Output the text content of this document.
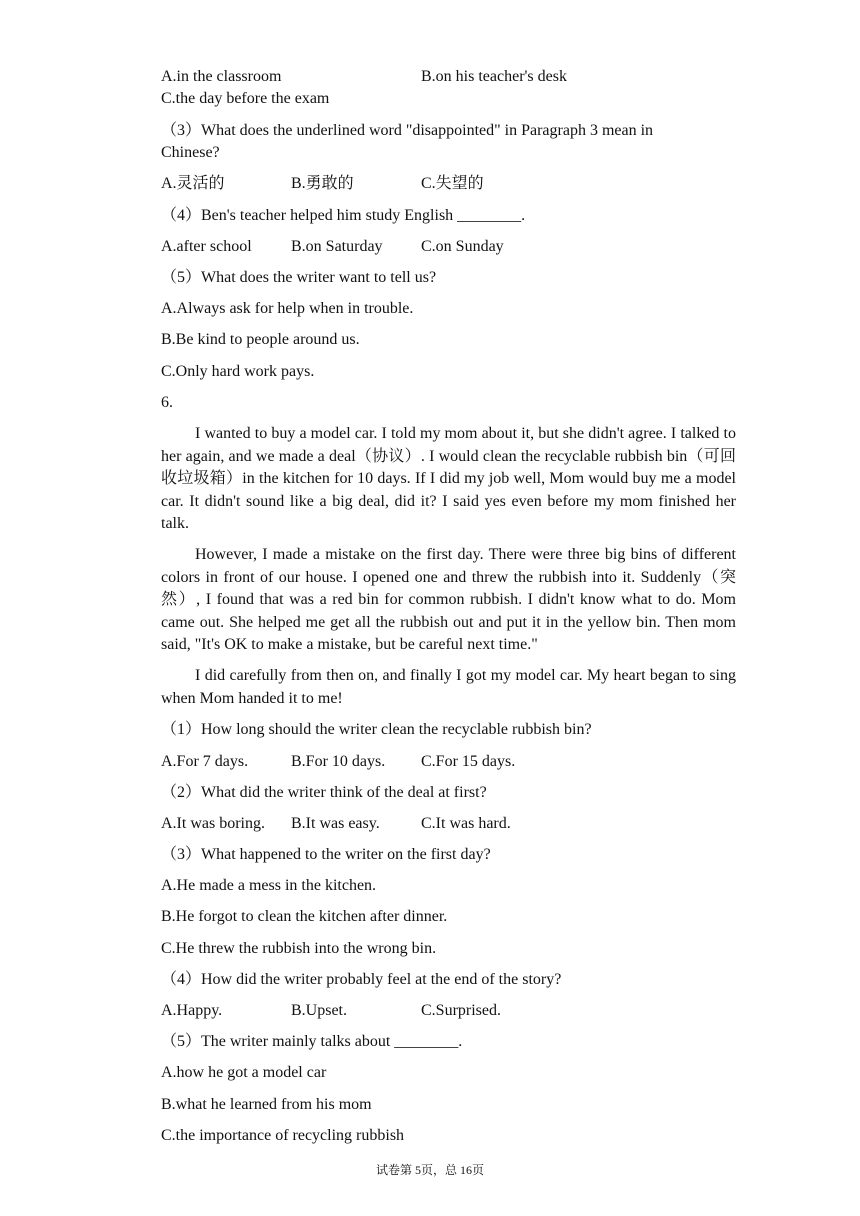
A.in the classroom	B.on his teacher's desk
C.the day before the exam
（3）What does the underlined word "disappointed" in Paragraph 3 mean in
Chinese?
A.灵活的	B.勇敢的	C.失望的
（4）Ben's teacher helped him study English ________.
A.after school B.on Saturday C.on Sunday
（5）What does the writer want to tell us?
A.Always ask for help when in trouble.
B.Be kind to people around us.
C.Only hard work pays.
6.

I wanted to buy a model car. I told my mom about it, but she didn't agree. I talked to her again, and we made a deal（协议）. I would clean the recyclable rubbish bin（可回收垃圾箱）in the kitchen for 10 days. If I did my job well, Mom would buy me a model car. It didn't sound like a big deal, did it? I said yes even before my mom finished her talk.

However, I made a mistake on the first day. There were three big bins of different colors in front of our house. I opened one and threw the rubbish into it. Suddenly（突然）, I found that was a red bin for common rubbish. I didn't know what to do. Mom came out. She helped me get all the rubbish out and put it in the yellow bin. Then mom said, "It's OK to make a mistake, but be careful next time."

I did carefully from then on, and finally I got my model car. My heart began to sing when Mom handed it to me!

（1）How long should the writer clean the recyclable rubbish bin?
A.For 7 days.	B.For 10 days. C.For 15 days.
（2）What did the writer think of the deal at first?
A.It was boring. B.It was easy.	C.It was hard.
（3）What happened to the writer on the first day?
A.He made a mess in the kitchen.
B.He forgot to clean the kitchen after dinner.
C.He threw the rubbish into the wrong bin.
（4）How did the writer probably feel at the end of the story?
A.Happy.	B.Upset.	C.Surprised.
（5）The writer mainly talks about ________.
A.how he got a model car
B.what he learned from his mom
C.the importance of recycling rubbish
试卷第 5页，总 16页
